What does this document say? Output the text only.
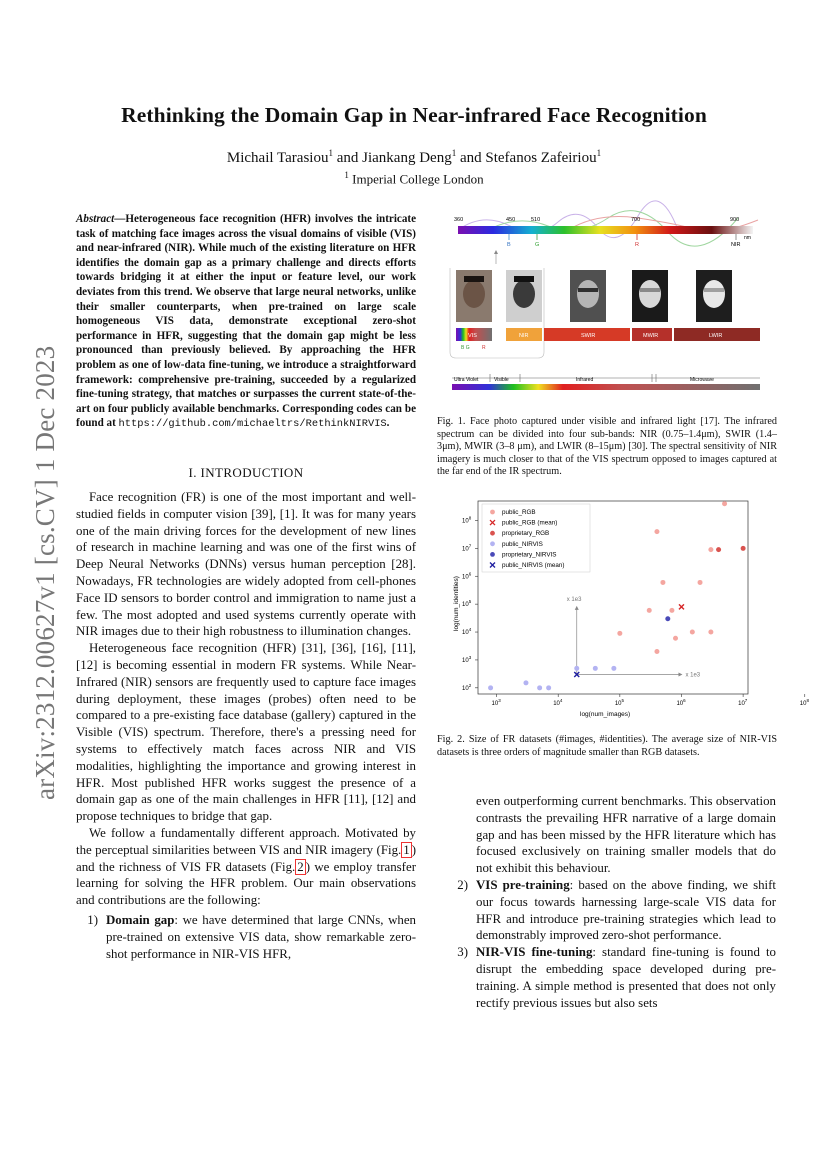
Rethinking the Domain Gap in Near-infrared Face Recognition
Michail Tarasiou$^1$ and Jiankang Deng$^1$ and Stefanos Zafeiriou$^1$
$^1$ Imperial College London
arXiv:2312.00627v1 [cs.CV] 1 Dec 2023
Abstract—Heterogeneous face recognition (HFR) involves the intricate task of matching face images across the visual domains of visible (VIS) and near-infrared (NIR). While much of the existing literature on HFR identifies the domain gap as a primary challenge and directs efforts towards bridging it at either the input or feature level, our work deviates from this trend. We observe that large neural networks, unlike their smaller counterparts, when pre-trained on large scale homogeneous VIS data, demonstrate exceptional zero-shot performance in HFR, suggesting that the domain gap might be less pronounced than previously believed. By approaching the HFR problem as one of low-data fine-tuning, we introduce a straightforward framework: comprehensive pre-training, succeeded by a regularized fine-tuning strategy, that matches or surpasses the current state-of-the-art on four publicly available benchmarks. Corresponding codes can be found at https://github.com/michaeltrs/RethinkNIRVIS.
I. INTRODUCTION

Face recognition (FR) is one of the most important and well-studied fields in computer vision [39], [1]. It was for many years one of the main driving forces for the development of new lines of research in machine learning and was one of the first wins of Deep Neural Networks (DNNs) versus human perception [28]. Nowadays, FR technologies are widely adopted from cell-phones Face ID sensors to border control and immigration to name just a few. The most adopted and used systems currently operate with NIR images due to their high robustness to illumination changes.

Heterogeneous face recognition (HFR) [31], [36], [16], [11], [12] is becoming essential in modern FR systems. While Near-Infrared (NIR) sensors are frequently used to capture face images during deployment, these images (probes) often need to be compared to a pre-existing face database (gallery) captured in the Visible (VIS) spectrum. Therefore, there's a pressing need for systems to effectively match faces across NIR and VIS modalities, highlighting the importance and growing interest in HFR. Most published HFR works suggest the presence of a domain gap as one of the main challenges in HFR [11], [12] and propose techniques to bridge that gap.

We follow a fundamentally different approach. Motivated by the perceptual similarities between VIS and NIR imagery (Fig. 1 ) and the richness of VIS FR datasets (Fig. 2 ) we employ transfer learning for solving the HFR problem. Our main observations and contributions are the following:

1) Domain gap: we have determined that large CNNs, when pre-trained on extensive VIS data, show remarkable zero-shot performance in NIR-VIS HFR,
even outperforming current benchmarks. This observation contrasts the prevailing HFR narrative of a large domain gap and has been missed by the HFR literature which has focused exclusively on training smaller models that do not exhibit this behaviour.
2) VIS pre-training: based on the above finding, we shift our focus towards harnessing large-scale VIS data for HFR and introduce pre-training strategies which lead to demonstrably improved zero-shot performance.
3) NIR-VIS fine-tuning: standard fine-tuning is found to disrupt the embedding space developed during pre-training. A simple method is presented that does not only rectify previous issues but also sets
360	450	510	700	900
nm
B	G	R	NIR
VIS	NIR	SWIR	MWIR	LWIR
B G R
Ultra Violet	Visible	Infrared	Microwave
Fig. 1. Face photo captured under visible and infrared light [17]. The infrared spectrum can be divided into four sub-bands: NIR (0.75–1.4μm), SWIR (1.4–3μm), MWIR (3–8 μm), and LWIR (8–15μm) [30]. The spectral sensitivity of NIR imagery is much closer to that of the VIS spectrum opposed to images captured at the far end of the IR spectrum.
$10^2$
$10^3$
$10^4$
$10^5$
$10^6$
$10^7$
$10^8$
$10^3$
$10^4$
$10^5$
$10^6$
$10^7$
$10^8$
log(num_identities)
log(num_images)
x 1e3
x 1e3
public_RGB
public_RGB (mean)
proprietary_RGB
public_NIRVIS
proprietary_NIRVIS
public_NIRVIS (mean)
Fig. 2. Size of FR datasets (#images, #identities). The average size of NIR-VIS datasets is three orders of magnitude smaller than RGB datasets.
